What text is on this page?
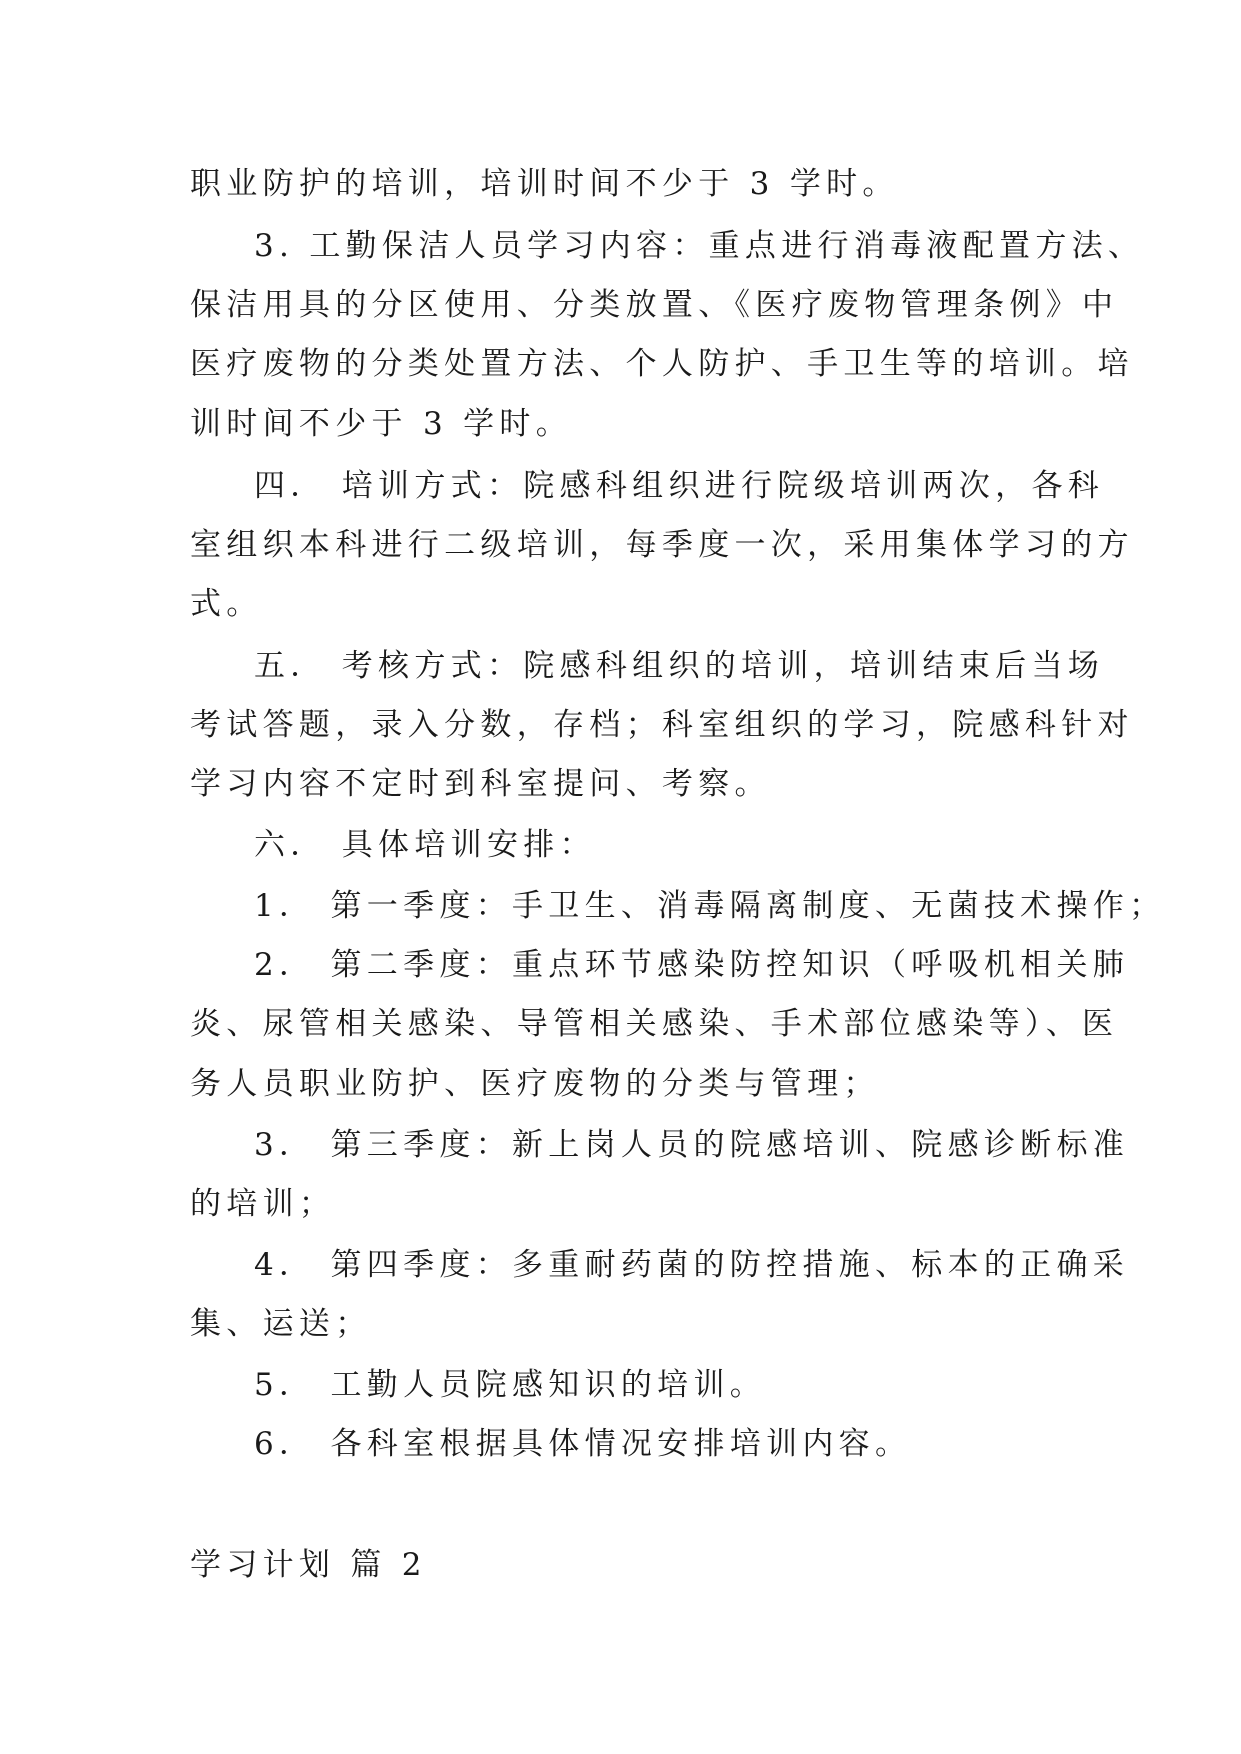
职业防护的培训，培训时间不少于 3 学时。
3. 工勤保洁人员学习内容：重点进行消毒液配置方法、
保洁用具的分区使用、分类放置、《医疗废物管理条例》中
医疗废物的分类处置方法、个人防护、手卫生等的培训。培
训时间不少于 3 学时。
四． 培训方式：院感科组织进行院级培训两次，各科
室组织本科进行二级培训，每季度一次，采用集体学习的方
式。
五． 考核方式：院感科组织的培训，培训结束后当场
考试答题，录入分数，存档；科室组织的学习，院感科针对
学习内容不定时到科室提问、考察。
六． 具体培训安排：
1． 第一季度：手卫生、消毒隔离制度、无菌技术操作；
2． 第二季度：重点环节感染防控知识（呼吸机相关肺
炎、尿管相关感染、导管相关感染、手术部位感染等）、医
务人员职业防护、医疗废物的分类与管理；
3． 第三季度：新上岗人员的院感培训、院感诊断标准
的培训；
4． 第四季度：多重耐药菌的防控措施、标本的正确采
集、运送；
5． 工勤人员院感知识的培训。
6． 各科室根据具体情况安排培训内容。
学习计划 篇 2
